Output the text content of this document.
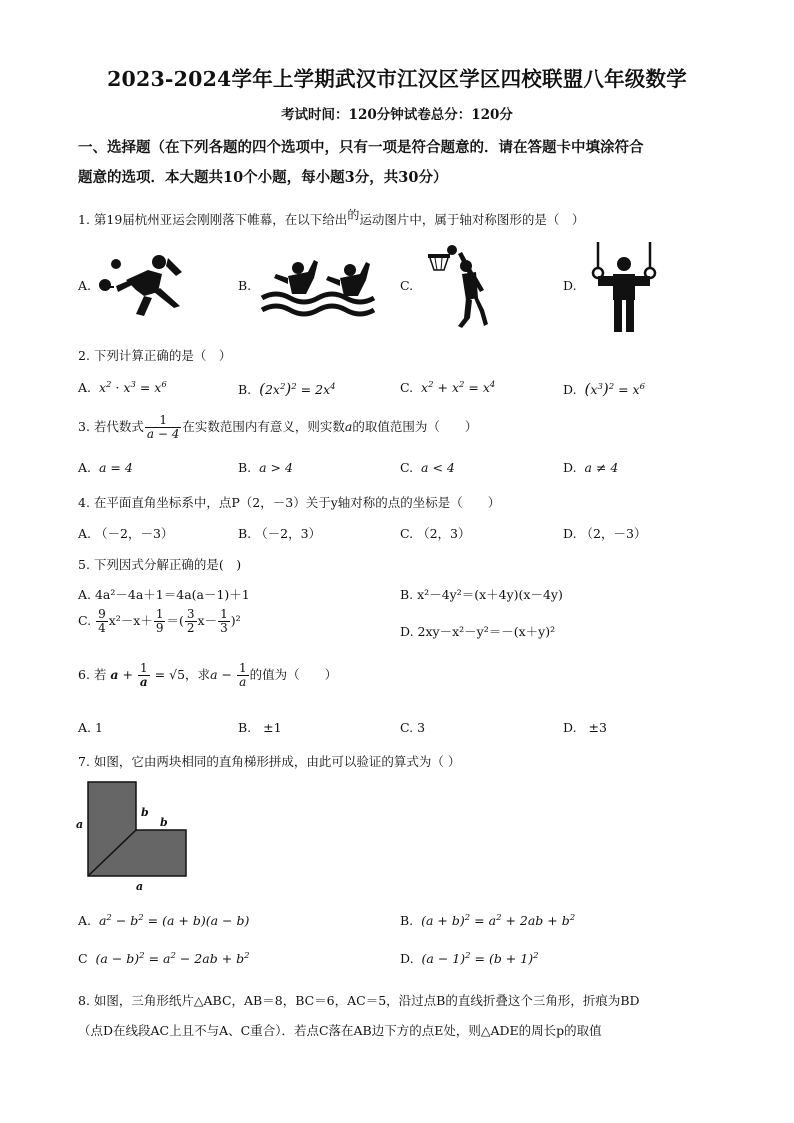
2023-2024学年上学期武汉市江汉区学区四校联盟八年级数学
考试时间：120分钟试卷总分：120分
一、选择题（在下列各题的四个选项中，只有一项是符合题意的．请在答题卡中填涂符合
题意的选项．本大题共10个小题，每小题3分，共30分）
1. 第19届杭州亚运会刚刚落下帷幕，在以下给出$^的$运动图片中，属于轴对称图形的是（　）
A.	B.	C.	D.
2. 下列计算正确的是（　）
A. $x^2 \cdot x^3 = x^6$	B. $(2x^2)^2 = 2x^4$	C. $x^2 + x^2 = x^4$	D. $(x^3)^2 = x^6$
3. 若代数式 $\frac{1}{a - 4}$ 在实数范围内有意义，则实数a的取值范围为（　　）
A. a = 4	B. a > 4	C. a < 4	D. a ≠ 4
4. 在平面直角坐标系中，点P（2，－3）关于y轴对称的点的坐标是（　　）
A. （－2，－3）	B. （－2，3）	C. （2，3）	D. （2，－3）
5. 下列因式分解正确的是(　)
A. 4a²－4a＋1＝4a(a－1)＋1	B. x²－4y²＝(x＋4y)(x－4y)
C. $\frac{9}{4} x^2-x+ \frac{1}{9}$ ＝( $\frac{3}{2} x- \frac{1}{3} )^2$
D. 2xy－x²－y²＝－(x＋y)²
6. 若 $a + \frac{1}{a} = √5$，求$a - \frac{1}{a}$ 的值为（　　）
A. 1	B. ±1	C. 3	D. ±3
7. 如图，它由两块相同的直角梯形拼成，由此可以验证的算式为（ ）
a
b
b
a
A. $a^2 - b^2 = (a + b)(a - b)$	B. $(a + b)^2 = a^2 + 2ab + b^2$
C $(a - b)^2 = a^2 - 2ab + b^2$	D. $(a - 1)^2 = (b + 1)^2$
8. 如图，三角形纸片△ABC，AB＝8，BC＝6，AC＝5，沿过点B的直线折叠这个三角形，折痕为BD
（点D在线段AC上且不与A、C重合）．若点C落在AB边下方的点E处，则△ADE的周长p的取值
